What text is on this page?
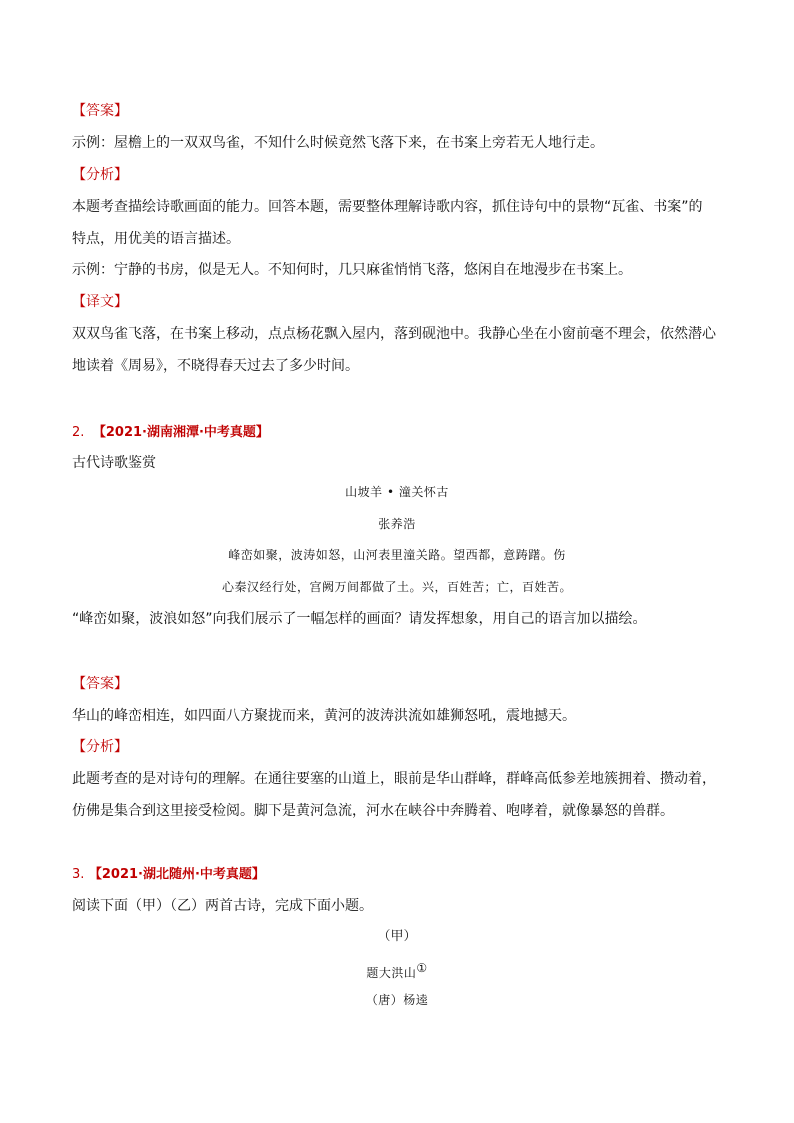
【答案】
示例：屋檐上的一双双鸟雀，不知什么时候竟然飞落下来，在书案上旁若无人地行走。
【分析】
本题考查描绘诗歌画面的能力。回答本题，需要整体理解诗歌内容，抓住诗句中的景物“瓦雀、书案”的
特点，用优美的语言描述。
示例：宁静的书房，似是无人。不知何时，几只麻雀悄悄飞落，悠闲自在地漫步在书案上。
【译文】
双双鸟雀飞落，在书案上移动，点点杨花飘入屋内，落到砚池中。我静心坐在小窗前毫不理会，依然潜心
地读着《周易》，不晓得春天过去了多少时间。
2. 【2021·湖南湘潭·中考真题】
古代诗歌鉴赏
山坡羊 • 潼关怀古
张养浩
峰峦如聚，波涛如怒，山河表里潼关路。望西都，意踌躇。伤
心秦汉经行处，宫阙万间都做了土。兴，百姓苦；亡，百姓苦。
“峰峦如聚，波浪如怒”向我们展示了一幅怎样的画面？请发挥想象，用自己的语言加以描绘。
【答案】
华山的峰峦相连，如四面八方聚拢而来，黄河的波涛洪流如雄狮怒吼，震地撼天。
【分析】
此题考查的是对诗句的理解。在通往要塞的山道上，眼前是华山群峰，群峰高低参差地簇拥着、攒动着，
仿佛是集合到这里接受检阅。脚下是黄河急流，河水在峡谷中奔腾着、咆哮着，就像暴怒的兽群。
3. 【2021·湖北随州·中考真题】
阅读下面（甲）（乙）两首古诗，完成下面小题。
（甲）
题大洪山①
（唐）杨逵
